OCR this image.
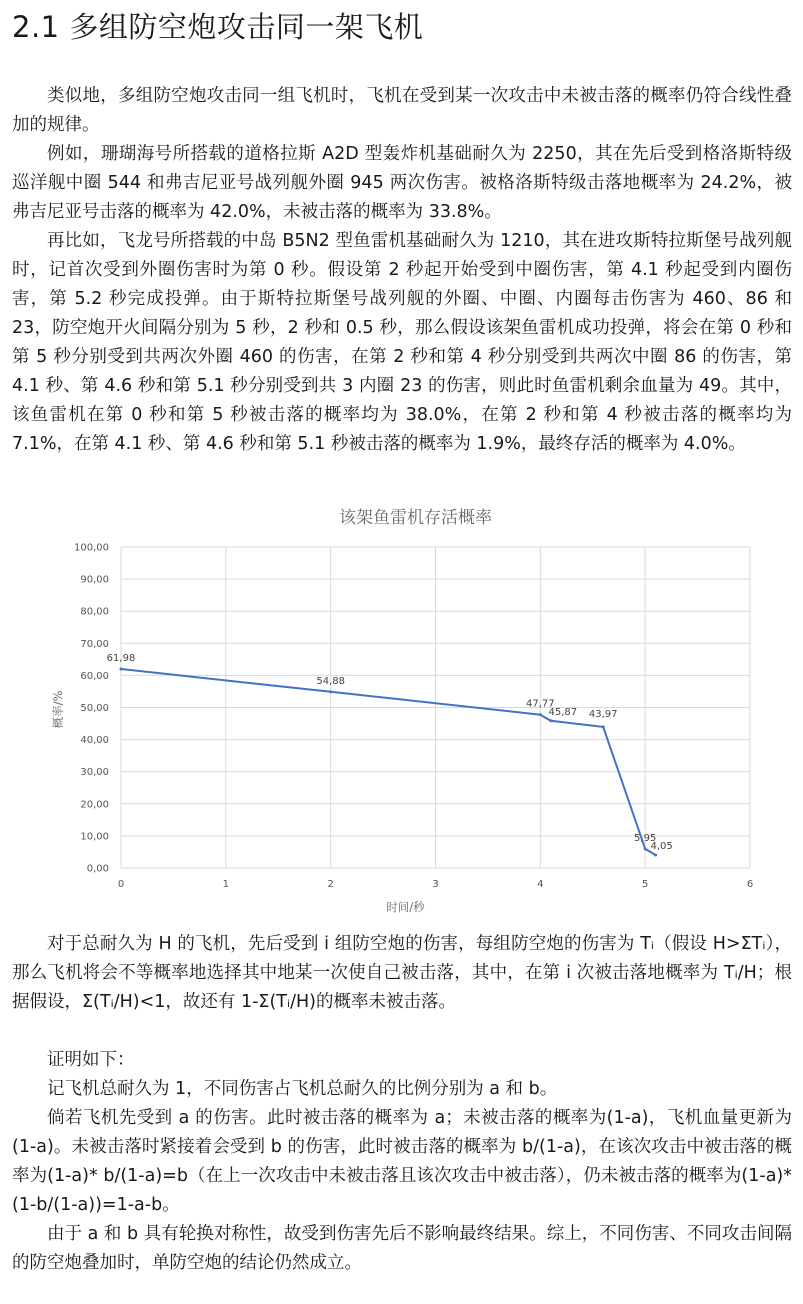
2.1 多组防空炮攻击同一架飞机

类似地，多组防空炮攻击同一组飞机时，飞机在受到某一次攻击中未被击落的概率仍符合线性叠加的规律。

例如，珊瑚海号所搭载的道格拉斯 A2D 型轰炸机基础耐久为 2250，其在先后受到格洛斯特级巡洋舰中圈 544 和弗吉尼亚号战列舰外圈 945 两次伤害。被格洛斯特级击落地概率为 24.2%，被弗吉尼亚号击落的概率为 42.0%，未被击落的概率为 33.8%。

再比如，飞龙号所搭载的中岛 B5N2 型鱼雷机基础耐久为 1210，其在进攻斯特拉斯堡号战列舰时，记首次受到外圈伤害时为第 0 秒。假设第 2 秒起开始受到中圈伤害，第 4.1 秒起受到内圈伤害，第 5.2 秒完成投弹。由于斯特拉斯堡号战列舰的外圈、中圈、内圈每击伤害为 460、86 和 23，防空炮开火间隔分别为 5 秒，2 秒和 0.5 秒，那么假设该架鱼雷机成功投弹，将会在第 0 秒和第 5 秒分别受到共两次外圈 460 的伤害，在第 2 秒和第 4 秒分别受到共两次中圈 86 的伤害，第 4.1 秒、第 4.6 秒和第 5.1 秒分别受到共 3 内圈 23 的伤害，则此时鱼雷机剩余血量为 49。其中，该鱼雷机在第 0 秒和第 5 秒被击落的概率均为 38.0%，在第 2 秒和第 4 秒被击落的概率均为 7.1%，在第 4.1 秒、第 4.6 秒和第 5.1 秒被击落的概率为 1.9%，最终存活的概率为 4.0%。

该架鱼雷机存活概率
0,00
10,00
20,00
30,00
40,00
50,00
60,00
70,00
80,00
90,00
100,00
0	1	2	3	4	5	6
时间/秒
概率/%
61,98
54,88
47,77
45,87 43,97
5,95
4,05

对于总耐久为 H 的飞机，先后受到 i 组防空炮的伤害，每组防空炮的伤害为 Tᵢ（假设 H>ΣTᵢ），那么飞机将会不等概率地选择其中地某一次使自己被击落，其中，在第 i 次被击落地概率为 Tᵢ/H；根据假设，Σ(Tᵢ/H)<1，故还有 1-Σ(Tᵢ/H)的概率未被击落。

证明如下：

记飞机总耐久为 1，不同伤害占飞机总耐久的比例分别为 a 和 b。

倘若飞机先受到 a 的伤害。此时被击落的概率为 a；未被击落的概率为(1-a)，飞机血量更新为(1-a)。未被击落时紧接着会受到 b 的伤害，此时被击落的概率为 b/(1-a)，在该次攻击中被击落的概率为(1-a)* b/(1-a)=b（在上一次攻击中未被击落且该次攻击中被击落），仍未被击落的概率为(1-a)*(1-b/(1-a))=1-a-b。

由于 a 和 b 具有轮换对称性，故受到伤害先后不影响最终结果。综上，不同伤害、不同攻击间隔的防空炮叠加时，单防空炮的结论仍然成立。
